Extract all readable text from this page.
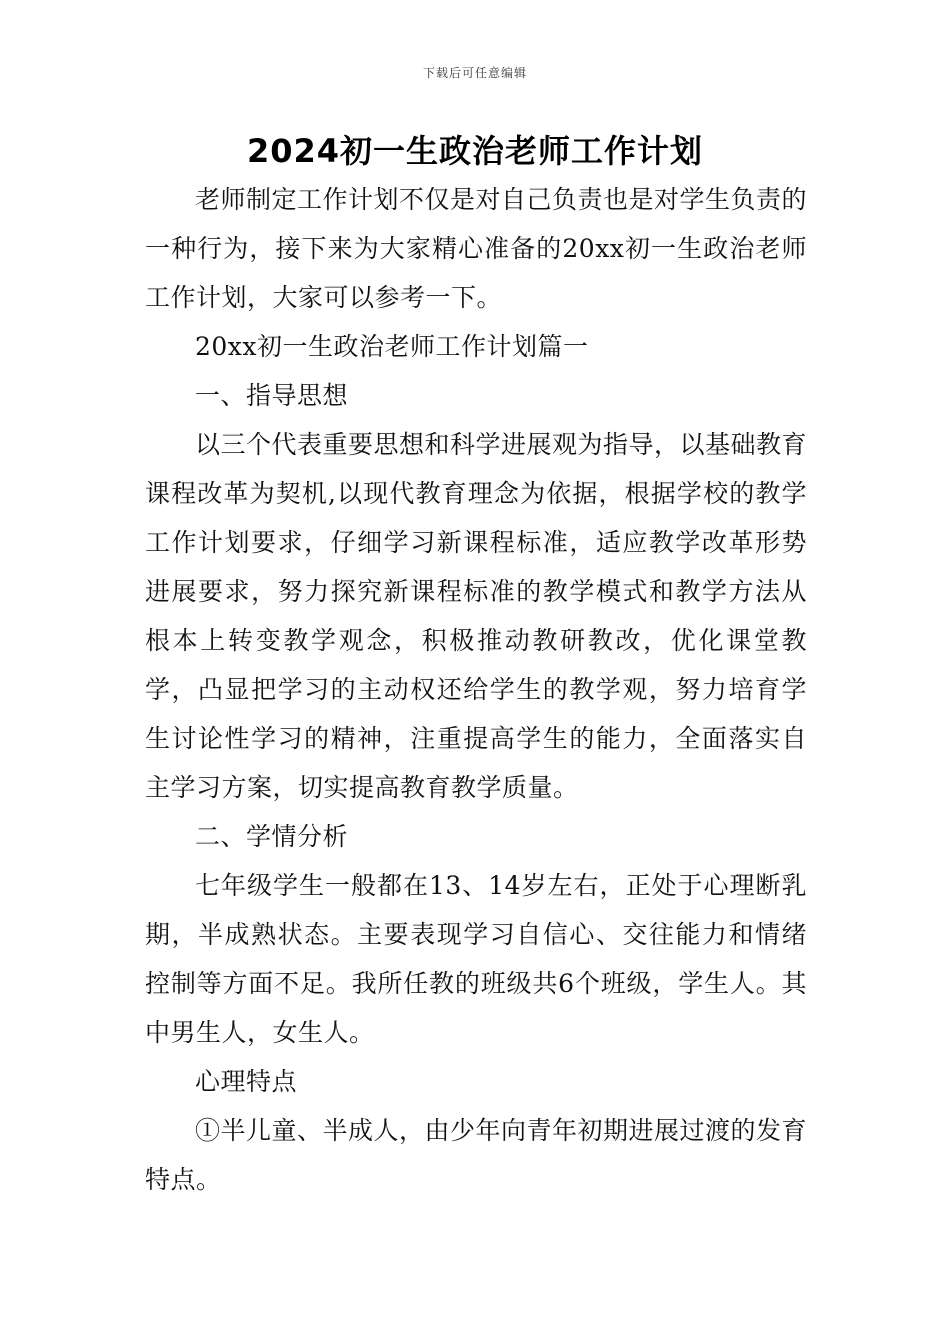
下载后可任意编辑
2024初一生政治老师工作计划

老师制定工作计划不仅是对自己负责也是对学生负责的一种行为，接下来为大家精心准备的20xx初一生政治老师工作计划，大家可以参考一下。

20xx初一生政治老师工作计划篇一

一、指导思想

以三个代表重要思想和科学进展观为指导，以基础教育课程改革为契机,以现代教育理念为依据，根据学校的教学工作计划要求，仔细学习新课程标准，适应教学改革形势进展要求，努力探究新课程标准的教学模式和教学方法从根本上转变教学观念，积极推动教研教改，优化课堂教学，凸显把学习的主动权还给学生的教学观，努力培育学生讨论性学习的精神，注重提高学生的能力，全面落实自主学习方案，切实提高教育教学质量。

二、学情分析

七年级学生一般都在13、14岁左右，正处于心理断乳期，半成熟状态。主要表现学习自信心、交往能力和情绪控制等方面不足。我所任教的班级共6个班级，学生人。其中男生人，女生人。

心理特点

①半儿童、半成人，由少年向青年初期进展过渡的发育特点。
